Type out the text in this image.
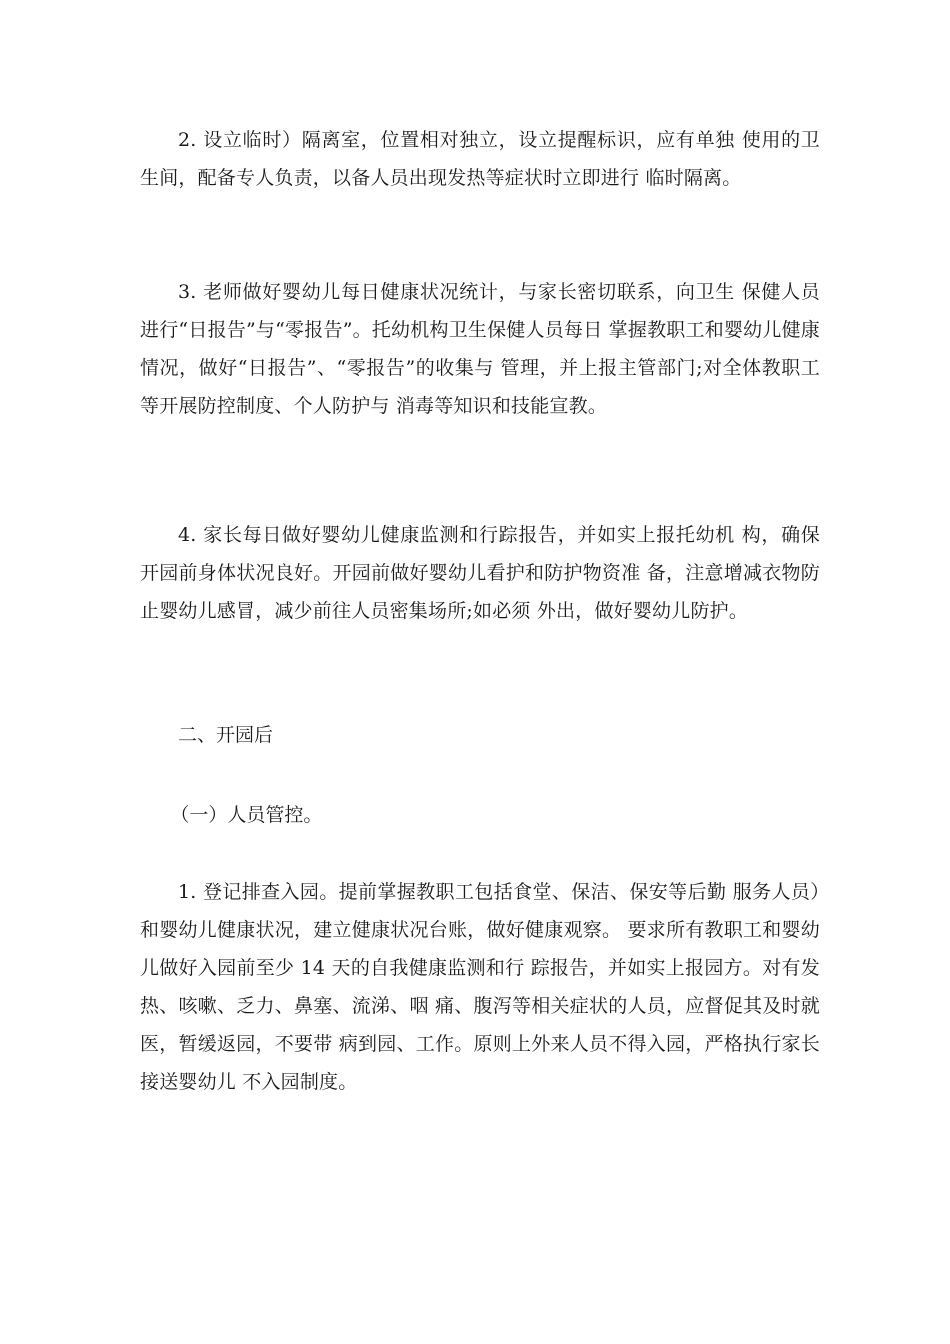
2. 设立临时）隔离室，位置相对独立，设立提醒标识，应有单独 使用的卫生间，配备专人负责，以备人员出现发热等症状时立即进行 临时隔离。

3. 老师做好婴幼儿每日健康状况统计，与家长密切联系，向卫生 保健人员进行“日报告”与“零报告”。托幼机构卫生保健人员每日 掌握教职工和婴幼儿健康情况，做好“日报告”、“零报告”的收集与 管理，并上报主管部门;对全体教职工等开展防控制度、个人防护与 消毒等知识和技能宣教。

4. 家长每日做好婴幼儿健康监测和行踪报告，并如实上报托幼机 构，确保开园前身体状况良好。开园前做好婴幼儿看护和防护物资准 备，注意增减衣物防止婴幼儿感冒，减少前往人员密集场所;如必须 外出，做好婴幼儿防护。

二、开园后

（一）人员管控。

1. 登记排查入园。提前掌握教职工包括食堂、保洁、保安等后勤 服务人员）和婴幼儿健康状况，建立健康状况台账，做好健康观察。 要求所有教职工和婴幼儿做好入园前至少 14 天的自我健康监测和行 踪报告，并如实上报园方。对有发热、咳嗽、乏力、鼻塞、流涕、咽 痛、腹泻等相关症状的人员，应督促其及时就医，暂缓返园，不要带 病到园、工作。原则上外来人员不得入园，严格执行家长接送婴幼儿 不入园制度。
